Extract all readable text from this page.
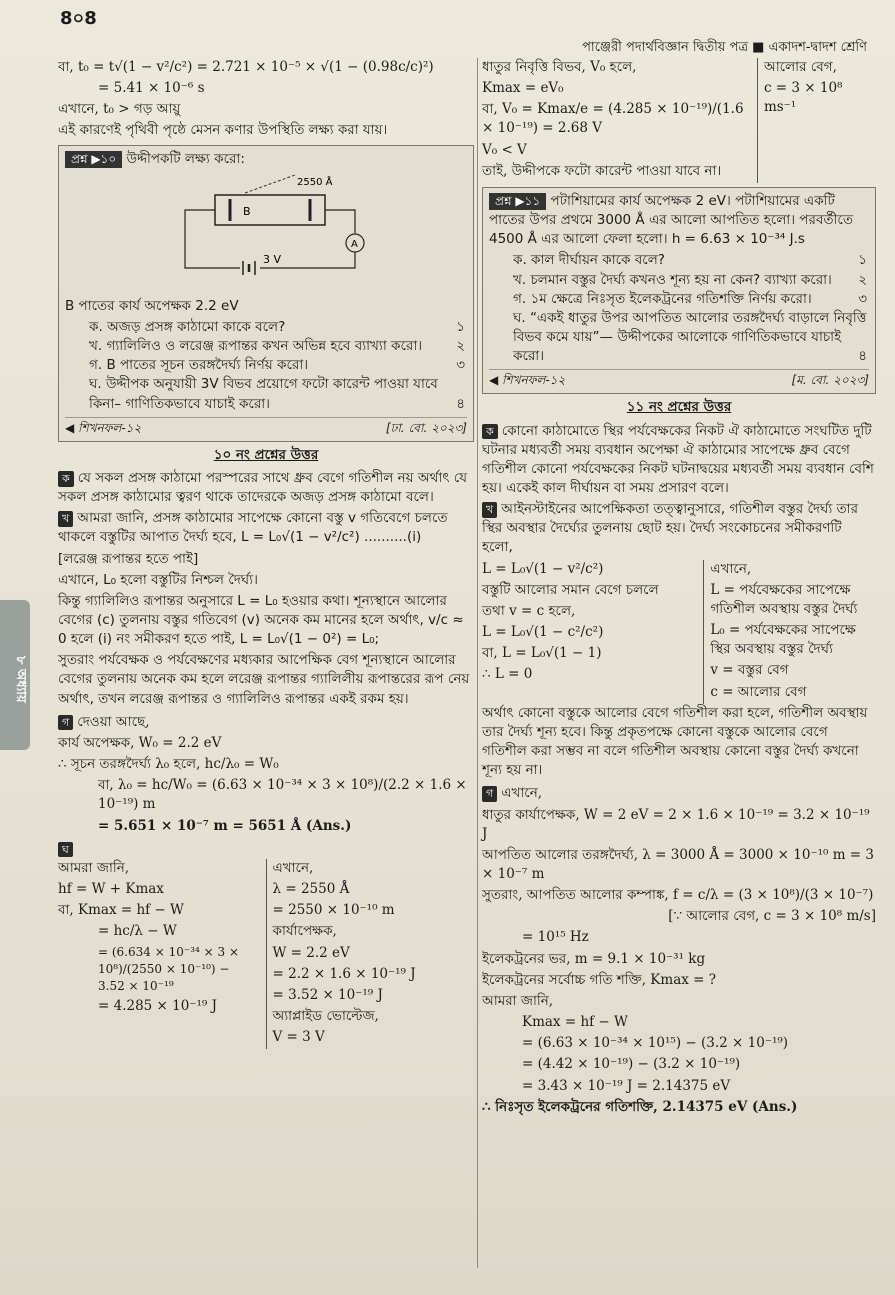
8০8
পাঞ্জেরী পদার্থবিজ্ঞান দ্বিতীয় পত্র ■ একাদশ-দ্বাদশ শ্রেণি
৮ অধ্যায়

বা, t₀ = t√(1 − v²/c²) = 2.721 × 10⁻⁵ × √(1 − (0.98c/c)²)

= 5.41 × 10⁻⁶ s

এখানে, t₀ > গড় আয়ু

এই কারণেই পৃথিবী পৃষ্ঠে মেসন কণার উপস্থিতি লক্ষ্য করা যায়।

প্রশ্ন ▶১০ উদ্দীপকটি লক্ষ্য করো:

B
2550 Å
A
3 V

B পাতের কার্য অপেক্ষক 2.2 eV

ক. অজড় প্রসঙ্গ কাঠামো কাকে বলে?	১
খ. গ্যালিলিও ও লরেঞ্জ রূপান্তর কখন অভিন্ন হবে ব্যাখ্যা করো।	২
গ. B পাতের সূচন তরঙ্গদৈর্ঘ্য নির্ণয় করো।	৩
ঘ. উদ্দীপক অনুযায়ী 3V বিভব প্রয়োগে ফটো কারেন্ট পাওয়া যাবে কিনা– গাণিতিকভাবে যাচাই করো।	৪
◀ শিখনফল-১২	[ঢা. বো. ২০২৩]
১০ নং প্রশ্নের উত্তর

ক যে সকল প্রসঙ্গ কাঠামো পরস্পরের সাথে ধ্রুব বেগে গতিশীল নয় অর্থাৎ যে সকল প্রসঙ্গ কাঠামোর ত্বরণ থাকে তাদেরকে অজড় প্রসঙ্গ কাঠামো বলে।

খ আমরা জানি, প্রসঙ্গ কাঠামোর সাপেক্ষে কোনো বস্তু v গতিবেগে চলতে থাকলে বস্তুটির আপাত দৈর্ঘ্য হবে, L = L₀√(1 − v²/c²) ..........(i)

[লরেঞ্জ রূপান্তর হতে পাই]

এখানে, L₀ হলো বস্তুটির নিশ্চল দৈর্ঘ্য।

কিন্তু গ্যালিলিও রূপান্তর অনুসারে L = L₀ হওয়ার কথা। শূন্যস্থানে আলোর বেগের (c) তুলনায় বস্তুর গতিবেগ (v) অনেক কম মানের হলে অর্থাৎ, v/c ≈ 0 হলে (i) নং সমীকরণ হতে পাই, L = L₀√(1 − 0²) = L₀;

সুতরাং পর্যবেক্ষক ও পর্যবেক্ষণের মধ্যকার আপেক্ষিক বেগ শূন্যস্থানে আলোর বেগের তুলনায় অনেক কম হলে লরেঞ্জ রূপান্তর গ্যালিলীয় রূপান্তরের রূপ নেয় অর্থাৎ, তখন লরেঞ্জ রূপান্তর ও গ্যালিলিও রূপান্তর একই রকম হয়।

গ দেওয়া আছে,

কার্য অপেক্ষক, W₀ = 2.2 eV

∴ সূচন তরঙ্গদৈর্ঘ্য λ₀ হলে, hc/λ₀ = W₀

বা, λ₀ = hc/W₀ = (6.63 × 10⁻³⁴ × 3 × 10⁸)/(2.2 × 1.6 × 10⁻¹⁹) m

= 5.651 × 10⁻⁷ m = 5651 Å (Ans.)

ঘ

আমরা জানি,

hf = W + Kmax

বা, Kmax = hf − W

= hc/λ − W

= (6.634 × 10⁻³⁴ × 3 × 10⁸)/(2550 × 10⁻¹⁰) − 3.52 × 10⁻¹⁹

= 4.285 × 10⁻¹⁹ J

এখানে,

λ = 2550 Å

= 2550 × 10⁻¹⁰ m

কার্যাপেক্ষক,

W = 2.2 eV

= 2.2 × 1.6 × 10⁻¹⁹ J

= 3.52 × 10⁻¹⁹ J

অ্যাপ্লাইড ভোল্টেজ,

V = 3 V

ধাতুর নিবৃত্তি বিভব, V₀ হলে,

Kmax = eV₀

বা, V₀ = Kmax/e = (4.285 × 10⁻¹⁹)/(1.6 × 10⁻¹⁹) = 2.68 V

V₀ < V

তাই, উদ্দীপকে ফটো কারেন্ট পাওয়া যাবে না।

আলোর বেগ,

c = 3 × 10⁸ ms⁻¹

প্রশ্ন ▶১১ পটাশিয়ামের কার্য অপেক্ষক 2 eV। পটাশিয়ামের একটি পাতের উপর প্রথমে 3000 Å এর আলো আপতিত হলো। পরবর্তীতে 4500 Å এর আলো ফেলা হলো। h = 6.63 × 10⁻³⁴ J.s

ক. কাল দীর্ঘায়ন কাকে বলে?	১
খ. চলমান বস্তুর দৈর্ঘ্য কখনও শূন্য হয় না কেন? ব্যাখ্যা করো। ২
গ. ১ম ক্ষেত্রে নিঃসৃত ইলেকট্রনের গতিশক্তি নির্ণয় করো।	৩
ঘ. “একই ধাতুর উপর আপতিত আলোর তরঙ্গদৈর্ঘ্য বাড়ালে নিবৃত্তি বিভব কমে যায়”— উদ্দীপকের আলোকে গাণিতিকভাবে যাচাই করো।	৪
◀ শিখনফল-১২	[ম. বো. ২০২৩]
১১ নং প্রশ্নের উত্তর

ক কোনো কাঠামোতে স্থির পর্যবেক্ষকের নিকট ঐ কাঠামোতে সংঘটিত দুটি ঘটনার মধ্যবর্তী সময় ব্যবধান অপেক্ষা ঐ কাঠামোর সাপেক্ষে ধ্রুব বেগে গতিশীল কোনো পর্যবেক্ষকের নিকট ঘটনাদ্বয়ের মধ্যবর্তী সময় ব্যবধান বেশি হয়। একেই কাল দীর্ঘায়ন বা সময় প্রসারণ বলে।

খ আইনস্টাইনের আপেক্ষিকতা তত্ত্বানুসারে, গতিশীল বস্তুর দৈর্ঘ্য তার স্থির অবস্থার দৈর্ঘ্যের তুলনায় ছোট হয়। দৈর্ঘ্য সংকোচনের সমীকরণটি হলো,

L = L₀√(1 − v²/c²)

বস্তুটি আলোর সমান বেগে চললে

তথা v = c হলে,

L = L₀√(1 − c²/c²)

বা, L = L₀√(1 − 1)

∴ L = 0

এখানে,

L = পর্যবেক্ষকের সাপেক্ষে গতিশীল অবস্থায় বস্তুর দৈর্ঘ্য

L₀ = পর্যবেক্ষকের সাপেক্ষে স্থির অবস্থায় বস্তুর দৈর্ঘ্য

v = বস্তুর বেগ

c = আলোর বেগ

অর্থাৎ কোনো বস্তুকে আলোর বেগে গতিশীল করা হলে, গতিশীল অবস্থায় তার দৈর্ঘ্য শূন্য হবে। কিন্তু প্রকৃতপক্ষে কোনো বস্তুকে আলোর বেগে গতিশীল করা সম্ভব না বলে গতিশীল অবস্থায় কোনো বস্তুর দৈর্ঘ্য কখনো শূন্য হয় না।

গ এখানে,

ধাতুর কার্যাপেক্ষক, W = 2 eV = 2 × 1.6 × 10⁻¹⁹ = 3.2 × 10⁻¹⁹ J

আপতিত আলোর তরঙ্গদৈর্ঘ্য, λ = 3000 Å = 3000 × 10⁻¹⁰ m = 3 × 10⁻⁷ m

সুতরাং, আপতিত আলোর কম্পাঙ্ক, f = c/λ = (3 × 10⁸)/(3 × 10⁻⁷)

[∵ আলোর বেগ, c = 3 × 10⁸ m/s]

= 10¹⁵ Hz

ইলেকট্রনের ভর, m = 9.1 × 10⁻³¹ kg

ইলেকট্রনের সর্বোচ্চ গতি শক্তি, Kmax = ?

আমরা জানি,

Kmax = hf − W

= (6.63 × 10⁻³⁴ × 10¹⁵) − (3.2 × 10⁻¹⁹)

= (4.42 × 10⁻¹⁹) − (3.2 × 10⁻¹⁹)

= 3.43 × 10⁻¹⁹ J = 2.14375 eV

∴ নিঃসৃত ইলেকট্রনের গতিশক্তি, 2.14375 eV (Ans.)
